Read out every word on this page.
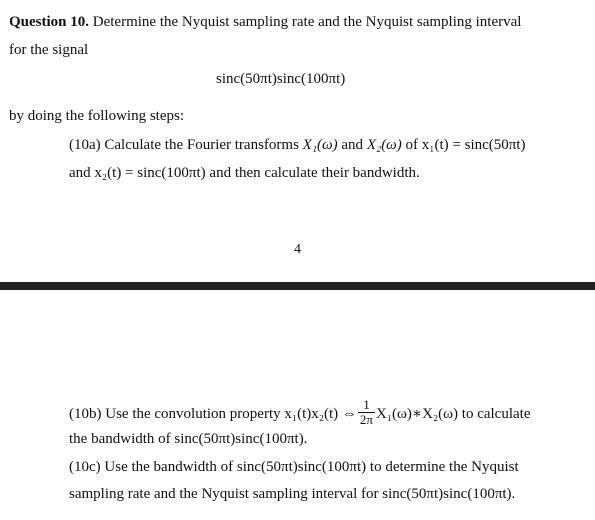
Question 10. Determine the Nyquist sampling rate and the Nyquist sampling interval
for the signal
sinc(50πt)sinc(100πt)
by doing the following steps:
(10a) Calculate the Fourier transforms X₁(ω) and X₂(ω) of x₁(t) = sinc(50πt)
and x₂(t) = sinc(100πt) and then calculate their bandwidth.
4
(10b) Use the convolution property x₁(t)x₂(t) ⇔ $\frac{1}{2\pi}$ X₁(ω)∗X₂(ω) to calculate
the bandwidth of sinc(50πt)sinc(100πt).
(10c) Use the bandwidth of sinc(50πt)sinc(100πt) to determine the Nyquist
sampling rate and the Nyquist sampling interval for sinc(50πt)sinc(100πt).
